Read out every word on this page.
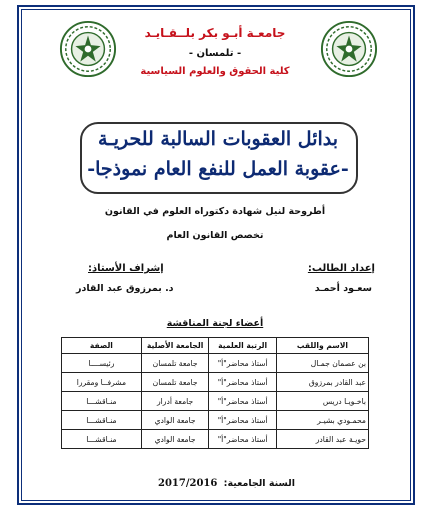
جامعـة أبـو بكر بلــقـايـد
- تلمسان -
كلية الحقوق والعلوم السياسية
بدائل العقوبات السالبة للحريـة
-عقوبة العمل للنفع العام نموذجا-
أطروحة لنيل شهادة دكتوراه العلوم في القانون
تخصص القانون العام
إعداد الطالب:
سعـود أحمـد
إشراف الأستاذ:
د. بمرزوق عبد القادر
أعضاء لجنة المناقشة
الاسم واللقب	الرتبة العلمية	الجامعة الأصلية	الصفة
بن عصمان جمـال	أستاذ محاضر"أ"	جامعة تلمسان	رئيســــا
عبد القادر بمرزوق	أستاذ محاضر"أ"	جامعة تلمسان	مشرفــا ومقررا
باخـويـا دريس	أستاذ محاضر"أ"	جامعة أدرار	منـاقشـــا
محمـودي بشيـر	أستاذ محاضر"أ"	جامعة الوادي	منـاقشـــا
حويـة عبد القادر	أستاذ محاضر"أ"	جامعة الوادي	منـاقشـــا
السنة الجامعية:
2017/2016
